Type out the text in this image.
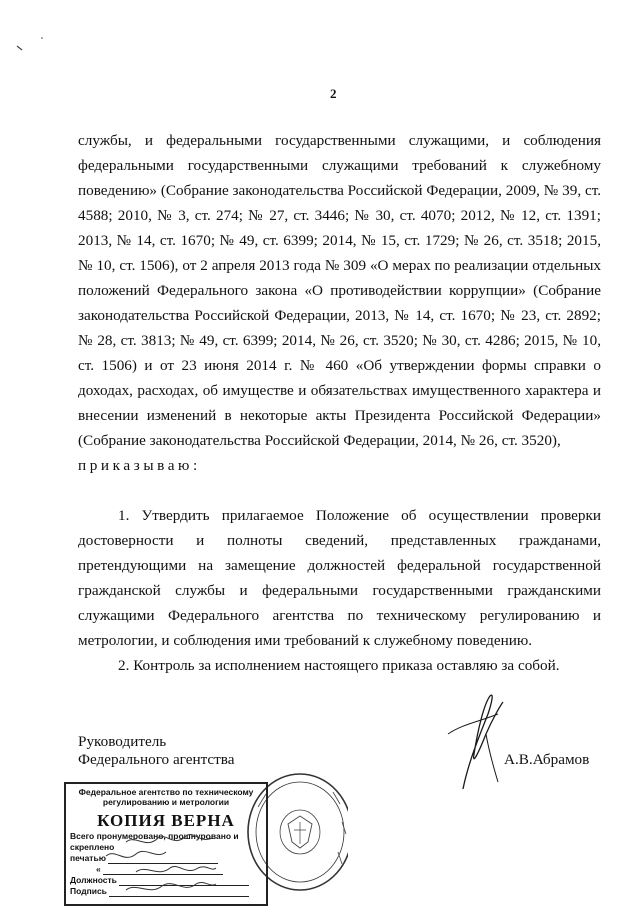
2

службы, и федеральными государственными служащими, и соблюдения федеральными государственными служащими требований к служебному поведению» (Собрание законодательства Российской Федерации, 2009, № 39, ст. 4588; 2010, № 3, ст. 274; № 27, ст. 3446; № 30, ст. 4070; 2012, № 12, ст. 1391; 2013, № 14, ст. 1670; № 49, ст. 6399; 2014, № 15, ст. 1729; № 26, ст. 3518; 2015, № 10, ст. 1506), от 2 апреля 2013 года № 309 «О мерах по реализации отдельных положений Федерального закона «О противодействии коррупции» (Собрание законодательства Российской Федерации, 2013, № 14, ст. 1670; № 23, ст. 2892; № 28, ст. 3813; № 49, ст. 6399; 2014, № 26, ст. 3520; № 30, ст. 4286; 2015, № 10, ст. 1506) и от 23 июня 2014 г. № 460 «Об утверждении формы справки о доходах, расходах, об имуществе и обязательствах имущественного характера и внесении изменений в некоторые акты Президента Российской Федерации» (Собрание законодательства Российской Федерации, 2014, № 26, ст. 3520),

приказываю:

1. Утвердить прилагаемое Положение об осуществлении проверки достоверности и полноты сведений, представленных гражданами, претендующими на замещение должностей федеральной государственной гражданской службы и федеральными государственными гражданскими служащими Федерального агентства по техническому регулированию и метрологии, и соблюдения ими требований к служебному поведению.

2. Контроль за исполнением настоящего приказа оставляю за собой.

Руководитель
Федерального агентства	А.В.Абрамов
Федеральное агентство по техническому
регулированию и метрологии
КОПИЯ ВЕРНА
Всего пронумеровано, прошнуровано и скреплено
печатью
«
Должность
Подпись
